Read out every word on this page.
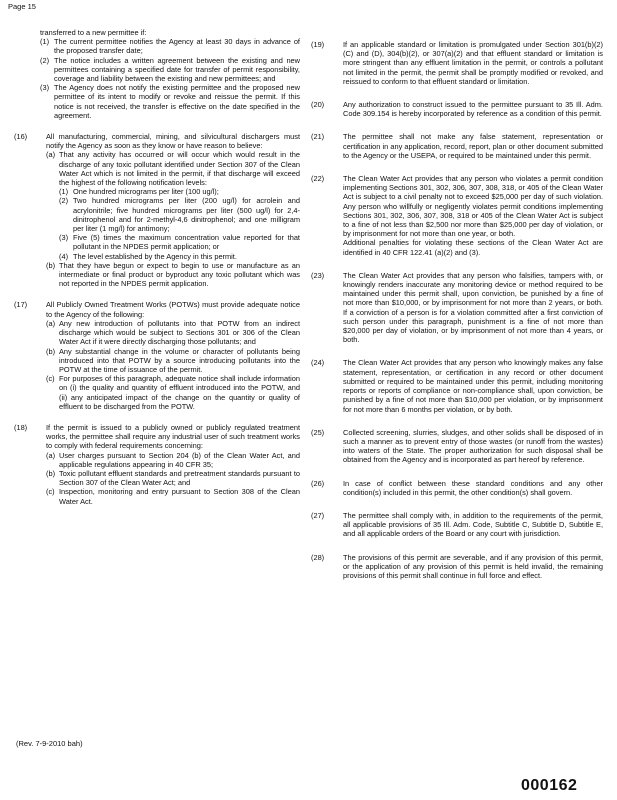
Page 15
transferred to a new permittee if:
(1) The current permittee notifies the Agency at least 30 days in advance of the proposed transfer date;
(2) The notice includes a written agreement between the existing and new permittees containing a specified date for transfer of permit responsibility, coverage and liability between the existing and new permittees; and
(3) The Agency does not notify the existing permittee and the proposed new permittee of its intent to modify or revoke and reissue the permit. If this notice is not received, the transfer is effective on the date specified in the agreement.
(16)	All manufacturing, commercial, mining, and silvicultural dischargers must notify the Agency as soon as they know or have reason to believe:
(a) That any activity has occurred or will occur which would result in the discharge of any toxic pollutant identified under Section 307 of the Clean Water Act which is not limited in the permit, if that discharge will exceed the highest of the following notification levels:
(1) One hundred micrograms per liter (100 ug/l);
(2) Two hundred micrograms per liter (200 ug/l) for acrolein and acrylonitrile; five hundred micrograms per liter (500 ug/l) for 2,4-dinitrophenol and for 2-methyl-4,6 dinitrophenol; and one milligram per liter (1 mg/l) for antimony;
(3) Five (5) times the maximum concentration value reported for that pollutant in the NPDES permit application; or
(4) The level established by the Agency in this permit.
(b) That they have begun or expect to begin to use or manufacture as an intermediate or final product or byproduct any toxic pollutant which was not reported in the NPDES permit application.
(17)	All Publicly Owned Treatment Works (POTWs) must provide adequate notice to the Agency of the following:
(a) Any new introduction of pollutants into that POTW from an indirect discharge which would be subject to Sections 301 or 306 of the Clean Water Act if it were directly discharging those pollutants; and
(b) Any substantial change in the volume or character of pollutants being introduced into that POTW by a source introducing pollutants into the POTW at the time of issuance of the permit.
(c) For purposes of this paragraph, adequate notice shall include information on (i) the quality and quantity of effluent introduced into the POTW, and (ii) any anticipated impact of the change on the quantity or quality of effluent to be discharged from the POTW.
(18)	If the permit is issued to a publicly owned or publicly regulated treatment works, the permittee shall require any industrial user of such treatment works to comply with federal requirements concerning:
(a) User charges pursuant to Section 204 (b) of the Clean Water Act, and applicable regulations appearing in 40 CFR 35;
(b) Toxic pollutant effluent standards and pretreatment standards pursuant to Section 307 of the Clean Water Act; and
(c) Inspection, monitoring and entry pursuant to Section 308 of the Clean Water Act.
(19)	If an applicable standard or limitation is promulgated under Section 301(b)(2)(C) and (D), 304(b)(2), or 307(a)(2) and that effluent standard or limitation is more stringent than any effluent limitation in the permit, or controls a pollutant not limited in the permit, the permit shall be promptly modified or revoked, and reissued to conform to that effluent standard or limitation.
(20)	Any authorization to construct issued to the permittee pursuant to 35 Ill. Adm. Code 309.154 is hereby incorporated by reference as a condition of this permit.
(21)	The permittee shall not make any false statement, representation or certification in any application, record, report, plan or other document submitted to the Agency or the USEPA, or required to be maintained under this permit.
(22)	The Clean Water Act provides that any person who violates a permit condition implementing Sections 301, 302, 306, 307, 308, 318, or 405 of the Clean Water Act is subject to a civil penalty not to exceed $25,000 per day of such violation. Any person who willfully or negligently violates permit conditions implementing Sections 301, 302, 306, 307, 308, 318 or 405 of the Clean Water Act is subject to a fine of not less than $2,500 nor more than $25,000 per day of violation, or by imprisonment for not more than one year, or both.
Additional penalties for violating these sections of the Clean Water Act are identified in 40 CFR 122.41 (a)(2) and (3).
(23)	The Clean Water Act provides that any person who falsifies, tampers with, or knowingly renders inaccurate any monitoring device or method required to be maintained under this permit shall, upon conviction, be punished by a fine of not more than $10,000, or by imprisonment for not more than 2 years, or both. If a conviction of a person is for a violation committed after a first conviction of such person under this paragraph, punishment is a fine of not more than $20,000 per day of violation, or by imprisonment of not more than 4 years, or both.
(24)	The Clean Water Act provides that any person who knowingly makes any false statement, representation, or certification in any record or other document submitted or required to be maintained under this permit, including monitoring reports or reports of compliance or non-compliance shall, upon conviction, be punished by a fine of not more than $10,000 per violation, or by imprisonment for not more than 6 months per violation, or by both.
(25)	Collected screening, slurries, sludges, and other solids shall be disposed of in such a manner as to prevent entry of those wastes (or runoff from the wastes) into waters of the State. The proper authorization for such disposal shall be obtained from the Agency and is incorporated as part hereof by reference.
(26)	In case of conflict between these standard conditions and any other condition(s) included in this permit, the other condition(s) shall govern.
(27)	The permittee shall comply with, in addition to the requirements of the permit, all applicable provisions of 35 Ill. Adm. Code, Subtitle C, Subtitle D, Subtitle E, and all applicable orders of the Board or any court with jurisdiction.
(28)	The provisions of this permit are severable, and if any provision of this permit, or the application of any provision of this permit is held invalid, the remaining provisions of this permit shall continue in full force and effect.
(Rev. 7-9-2010 bah)
000162
